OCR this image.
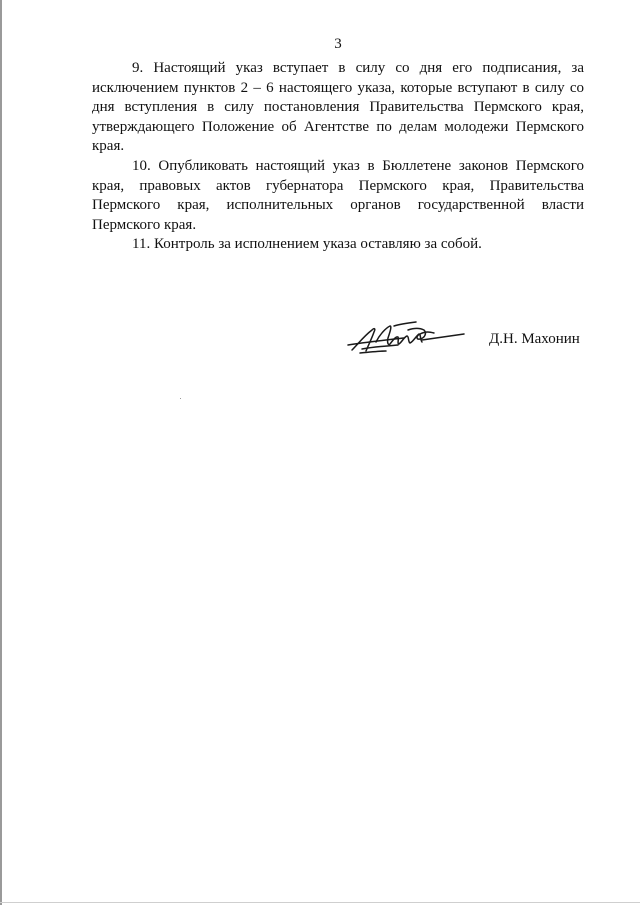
3

9. Настоящий указ вступает в силу со дня его подписания, за исключением пунктов 2 – 6 настоящего указа, которые вступают в силу со дня вступления в силу постановления Правительства Пермского края, утверждающего Положение об Агентстве по делам молодежи Пермского края.

10. Опубликовать настоящий указ в Бюллетене законов Пермского края, правовых актов губернатора Пермского края, Правительства Пермского края, исполнительных органов государственной власти Пермского края.

11. Контроль за исполнением указа оставляю за собой.

Д.Н. Махонин
